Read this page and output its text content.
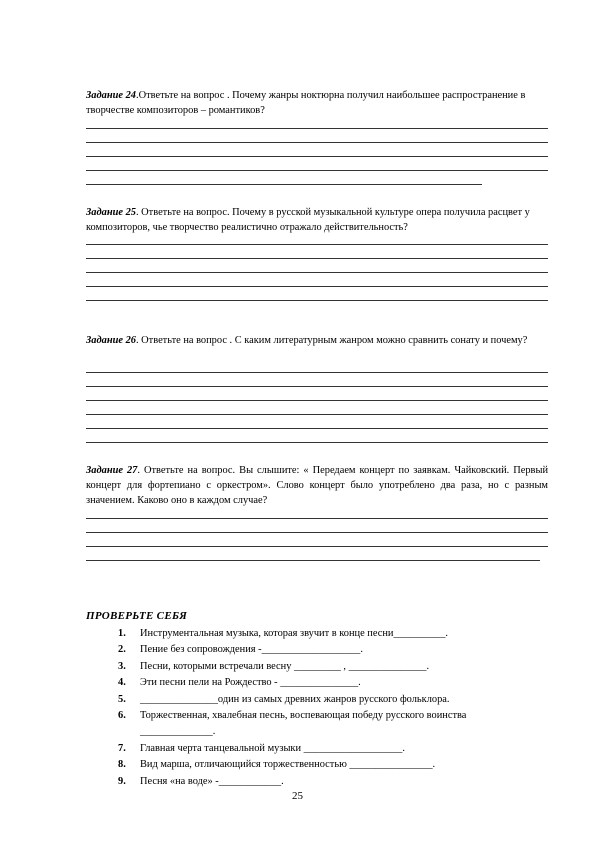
Задание 24.Ответьте на вопрос . Почему жанры ноктюрна получил наибольшее распространение в творчестве композиторов – романтиков?

Задание 25. Ответьте на вопрос. Почему в русской музыкальной культуре опера получила расцвет у композиторов, чье творчество реалистично отражало действительность?

Задание 26. Ответьте на вопрос . С каким литературным жанром можно сравнить сонату и почему?

Задание 27. Ответьте на вопрос. Вы слышите: « Передаем концерт по заявкам. Чайковский. Первый концерт для фортепиано с оркестром». Слово концерт было употреблено два раза, но с разным значением. Каково оно в каждом случае?

ПРОВЕРЬТЕ СЕБЯ
1. Инструментальная музыка, которая звучит в конце песни__________.
2. Пение без сопровождения -___________________.
3. Песни, которыми встречали весну _________ , _______________.
4. Эти песни пели на Рождество - _______________.
5. _______________один из самых древних жанров русского фольклора.
6. Торжественная, хвалебная песнь, воспевающая победу русского воинства
______________.
7. Главная черта танцевальной музыки ___________________.
8. Вид марша, отличающийся торжественностью ________________.
9. Песня «на воде» -____________.
25
